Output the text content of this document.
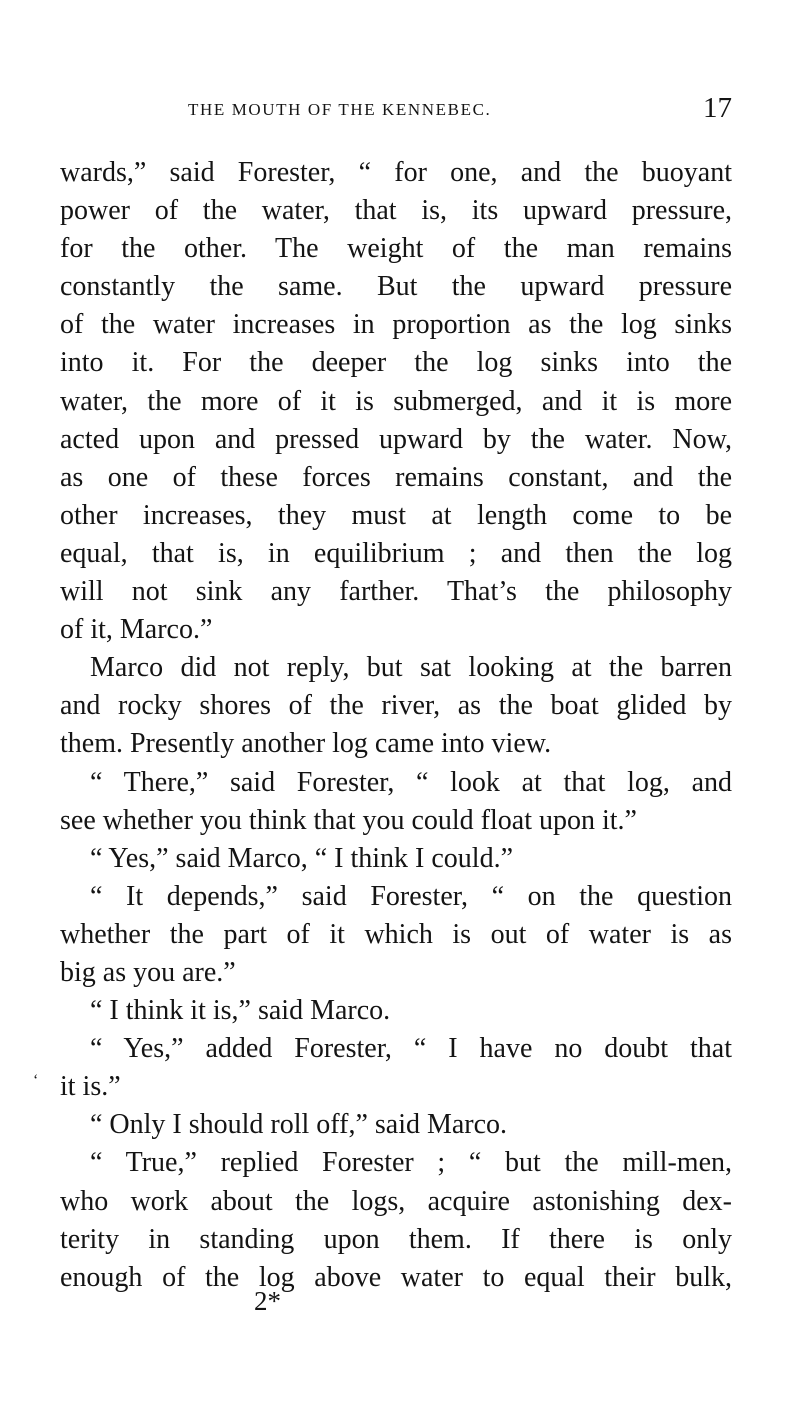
THE MOUTH OF THE KENNEBEC.	17
‘
wards,” said Forester, “ for one, and the buoyant
power of the water, that is, its upward pressure,
for the other. The weight of the man remains
constantly the same. But the upward pressure
of the water increases in proportion as the log sinks
into it. For the deeper the log sinks into the
water, the more of it is submerged, and it is more
acted upon and pressed upward by the water. Now,
as one of these forces remains constant, and the
other increases, they must at length come to be
equal, that is, in equilibrium ; and then the log
will not sink any farther. That’s the philosophy
of it, Marco.”
Marco did not reply, but sat looking at the barren
and rocky shores of the river, as the boat glided by
them. Presently another log came into view.
“ There,” said Forester, “ look at that log, and
see whether you think that you could float upon it.”
“ Yes,” said Marco, “ I think I could.”
“ It depends,” said Forester, “ on the question
whether the part of it which is out of water is as
big as you are.”
“ I think it is,” said Marco.
“ Yes,” added Forester, “ I have no doubt that
it is.”
“ Only I should roll off,” said Marco.
“ True,” replied Forester ; “ but the mill-men,
who work about the logs, acquire astonishing dex-
terity in standing upon them. If there is only
enough of the log above water to equal their bulk,
2*
